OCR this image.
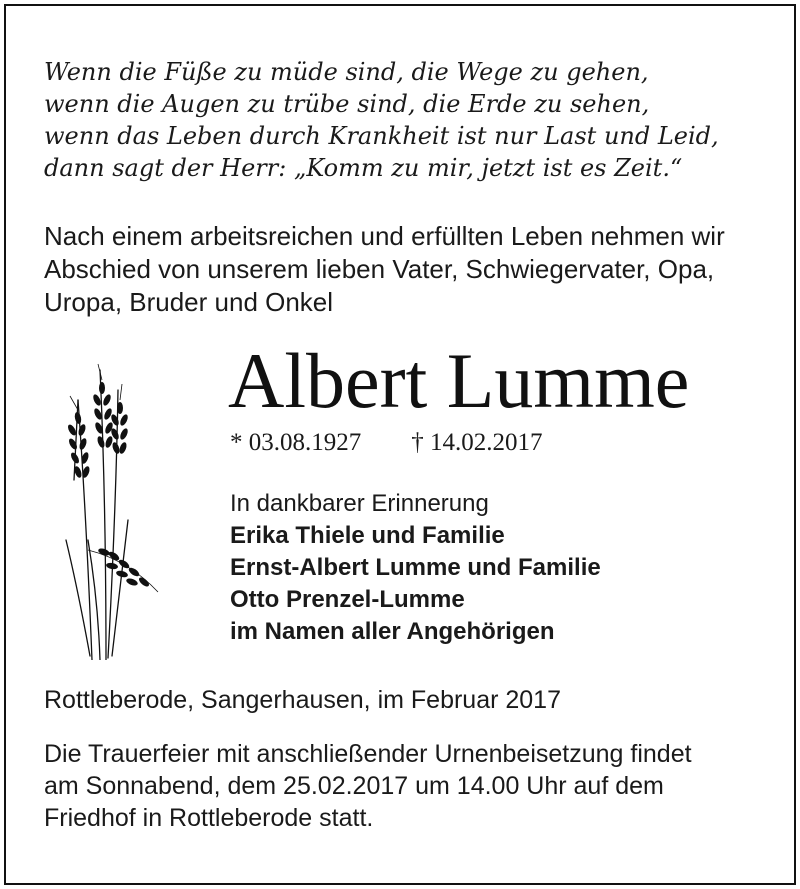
Wenn die Füße zu müde sind, die Wege zu gehen,
wenn die Augen zu trübe sind, die Erde zu sehen,
wenn das Leben durch Krankheit ist nur Last und Leid,
dann sagt der Herr: „Komm zu mir, jetzt ist es Zeit.“
Nach einem arbeitsreichen und erfüllten Leben nehmen wir
Abschied von unserem lieben Vater, Schwiegervater, Opa,
Uropa, Bruder und Onkel
Albert Lumme
* 03.08.1927 † 14.02.2017
In dankbarer Erinnerung
Erika Thiele und Familie
Ernst-Albert Lumme und Familie
Otto Prenzel-Lumme
im Namen aller Angehörigen
Rottleberode, Sangerhausen, im Februar 2017
Die Trauerfeier mit anschließender Urnenbeisetzung findet
am Sonnabend, dem 25.02.2017 um 14.00 Uhr auf dem
Friedhof in Rottleberode statt.
